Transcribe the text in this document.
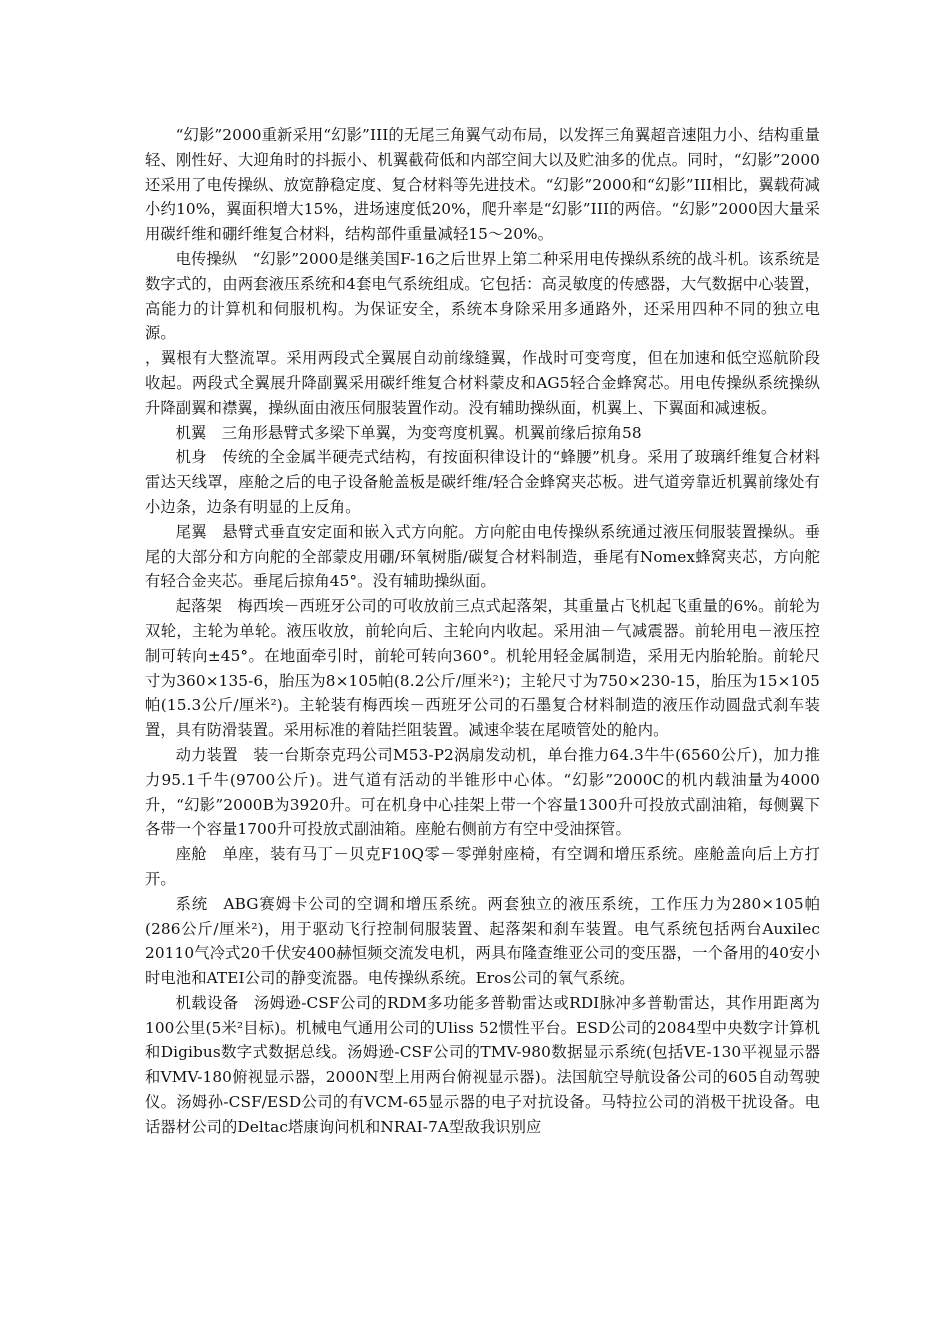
“幻影”2000重新采用“幻影”III的无尾三角翼气动布局，以发挥三角翼超音速阻力小、结构重量轻、刚性好、大迎角时的抖振小、机翼截荷低和内部空间大以及贮油多的优点。同时，“幻影”2000还采用了电传操纵、放宽静稳定度、复合材料等先进技术。“幻影”2000和“幻影”III相比，翼载荷减小约10%，翼面积增大15%，进场速度低20%，爬升率是“幻影”III的两倍。“幻影”2000因大量采用碳纤维和硼纤维复合材料，结构部件重量减轻15～20%。

电传操纵 “幻影”2000是继美国F-16之后世界上第二种采用电传操纵系统的战斗机。该系统是数字式的，由两套液压系统和4套电气系统组成。它包括：高灵敏度的传感器，大气数据中心装置，高能力的计算机和伺服机构。为保证安全，系统本身除采用多通路外，还采用四种不同的独立电源。

，翼根有大整流罩。采用两段式全翼展自动前缘缝翼，作战时可变弯度，但在加速和低空巡航阶段收起。两段式全翼展升降副翼采用碳纤维复合材料蒙皮和AG5轻合金蜂窝芯。用电传操纵系统操纵升降副翼和襟翼，操纵面由液压伺服装置作动。没有辅助操纵面，机翼上、下翼面和减速板。

机翼 三角形悬臂式多梁下单翼，为变弯度机翼。机翼前缘后掠角58

机身 传统的全金属半硬壳式结构，有按面积律设计的“蜂腰”机身。采用了玻璃纤维复合材料雷达天线罩，座舱之后的电子设备舱盖板是碳纤维/轻合金蜂窝夹芯板。进气道旁靠近机翼前缘处有小边条，边条有明显的上反角。

尾翼 悬臂式垂直安定面和嵌入式方向舵。方向舵由电传操纵系统通过液压伺服装置操纵。垂尾的大部分和方向舵的全部蒙皮用硼/环氧树脂/碳复合材料制造，垂尾有Nomex蜂窝夹芯，方向舵有轻合金夹芯。垂尾后掠角45°。没有辅助操纵面。

起落架 梅西埃－西班牙公司的可收放前三点式起落架，其重量占飞机起飞重量的6%。前轮为双轮，主轮为单轮。液压收放，前轮向后、主轮向内收起。采用油－气减震器。前轮用电－液压控制可转向±45°。在地面牵引时，前轮可转向360°。机轮用轻金属制造，采用无内胎轮胎。前轮尺寸为360×135-6，胎压为8×105帕(8.2公斤/厘米²)；主轮尺寸为750×230-15，胎压为15×105帕(15.3公斤/厘米²)。主轮装有梅西埃－西班牙公司的石墨复合材料制造的液压作动圆盘式刹车装置，具有防滑装置。采用标准的着陆拦阻装置。减速伞装在尾喷管处的舱内。

动力装置 装一台斯奈克玛公司M53-P2涡扇发动机，单台推力64.3牛牛(6560公斤)，加力推力95.1千牛(9700公斤)。进气道有活动的半锥形中心体。“幻影”2000C的机内载油量为4000升，“幻影”2000B为3920升。可在机身中心挂架上带一个容量1300升可投放式副油箱，每侧翼下各带一个容量1700升可投放式副油箱。座舱右侧前方有空中受油探管。

座舱 单座，装有马丁－贝克F10Q零－零弹射座椅，有空调和增压系统。座舱盖向后上方打开。

系统 ABG赛姆卡公司的空调和增压系统。两套独立的液压系统，工作压力为280×105帕(286公斤/厘米²)，用于驱动飞行控制伺服装置、起落架和刹车装置。电气系统包括两台Auxilec 20110气冷式20千伏安400赫恒频交流发电机，两具布隆查维亚公司的变压器，一个备用的40安小时电池和ATEI公司的静变流器。电传操纵系统。Eros公司的氧气系统。

机载设备 汤姆逊-CSF公司的RDM多功能多普勒雷达或RDI脉冲多普勒雷达，其作用距离为100公里(5米²目标)。机械电气通用公司的Uliss 52惯性平台。ESD公司的2084型中央数字计算机和Digibus数字式数据总线。汤姆逊-CSF公司的TMV-980数据显示系统(包括VE-130平视显示器和VMV-180俯视显示器，2000N型上用两台俯视显示器)。法国航空导航设备公司的605自动驾驶仪。汤姆孙-CSF/ESD公司的有VCM-65显示器的电子对抗设备。马特拉公司的消极干扰设备。电话器材公司的Deltac塔康询问机和NRAI-7A型敌我识别应
